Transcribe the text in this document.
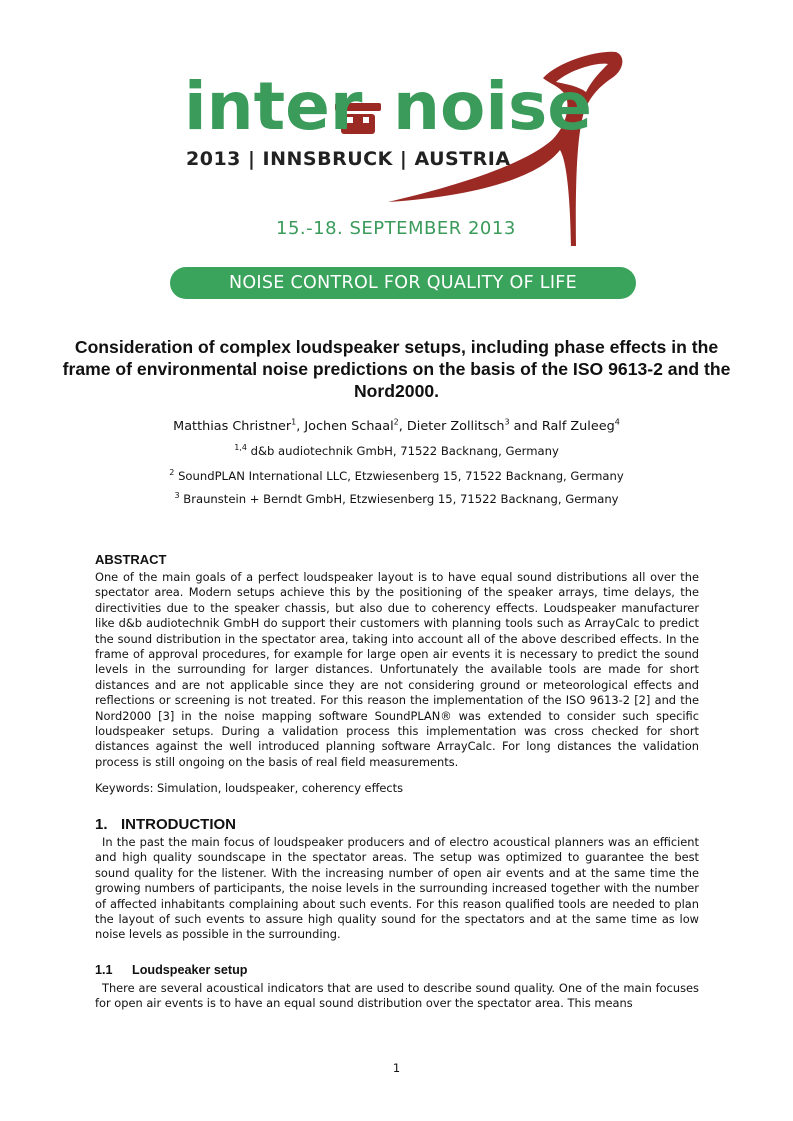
inter noise
2013 | INNSBRUCK | AUSTRIA
15.-18. SEPTEMBER 2013
NOISE CONTROL FOR QUALITY OF LIFE
Consideration of complex loudspeaker setups, including phase effects in the frame of environmental noise predictions on the basis of the ISO 9613-2 and the Nord2000.
Matthias Christner$^1$, Jochen Schaal$^2$, Dieter Zollitsch$^3$ and Ralf Zuleeg$^4$
$^{1,4}$ d&b audiotechnik GmbH, 71522 Backnang, Germany
$^2$ SoundPLAN International LLC, Etzwiesenberg 15, 71522 Backnang, Germany
$^3$ Braunstein + Berndt GmbH, Etzwiesenberg 15, 71522 Backnang, Germany
ABSTRACT

One of the main goals of a perfect loudspeaker layout is to have equal sound distributions all over the spectator area. Modern setups achieve this by the positioning of the speaker arrays, time delays, the directivities due to the speaker chassis, but also due to coherency effects. Loudspeaker manufacturer like d&b audiotechnik GmbH do support their customers with planning tools such as ArrayCalc to predict the sound distribution in the spectator area, taking into account all of the above described effects. In the frame of approval procedures, for example for large open air events it is necessary to predict the sound levels in the surrounding for larger distances. Unfortunately the available tools are made for short distances and are not applicable since they are not considering ground or meteorological effects and reflections or screening is not treated. For this reason the implementation of the ISO 9613-2 [2] and the Nord2000 [3] in the noise mapping software SoundPLAN® was extended to consider such specific loudspeaker setups. During a validation process this implementation was cross checked for short distances against the well introduced planning software ArrayCalc. For long distances the validation process is still ongoing on the basis of real field measurements.

Keywords: Simulation, loudspeaker, coherency effects
1. INTRODUCTION

In the past the main focus of loudspeaker producers and of electro acoustical planners was an efficient and high quality soundscape in the spectator areas. The setup was optimized to guarantee the best sound quality for the listener. With the increasing number of open air events and at the same time the growing numbers of participants, the noise levels in the surrounding increased together with the number of affected inhabitants complaining about such events. For this reason qualified tools are needed to plan the layout of such events to assure high quality sound for the spectators and at the same time as low noise levels as possible in the surrounding.

1.1 Loudspeaker setup

There are several acoustical indicators that are used to describe sound quality. One of the main focuses for open air events is to have an equal sound distribution over the spectator area. This means

1
